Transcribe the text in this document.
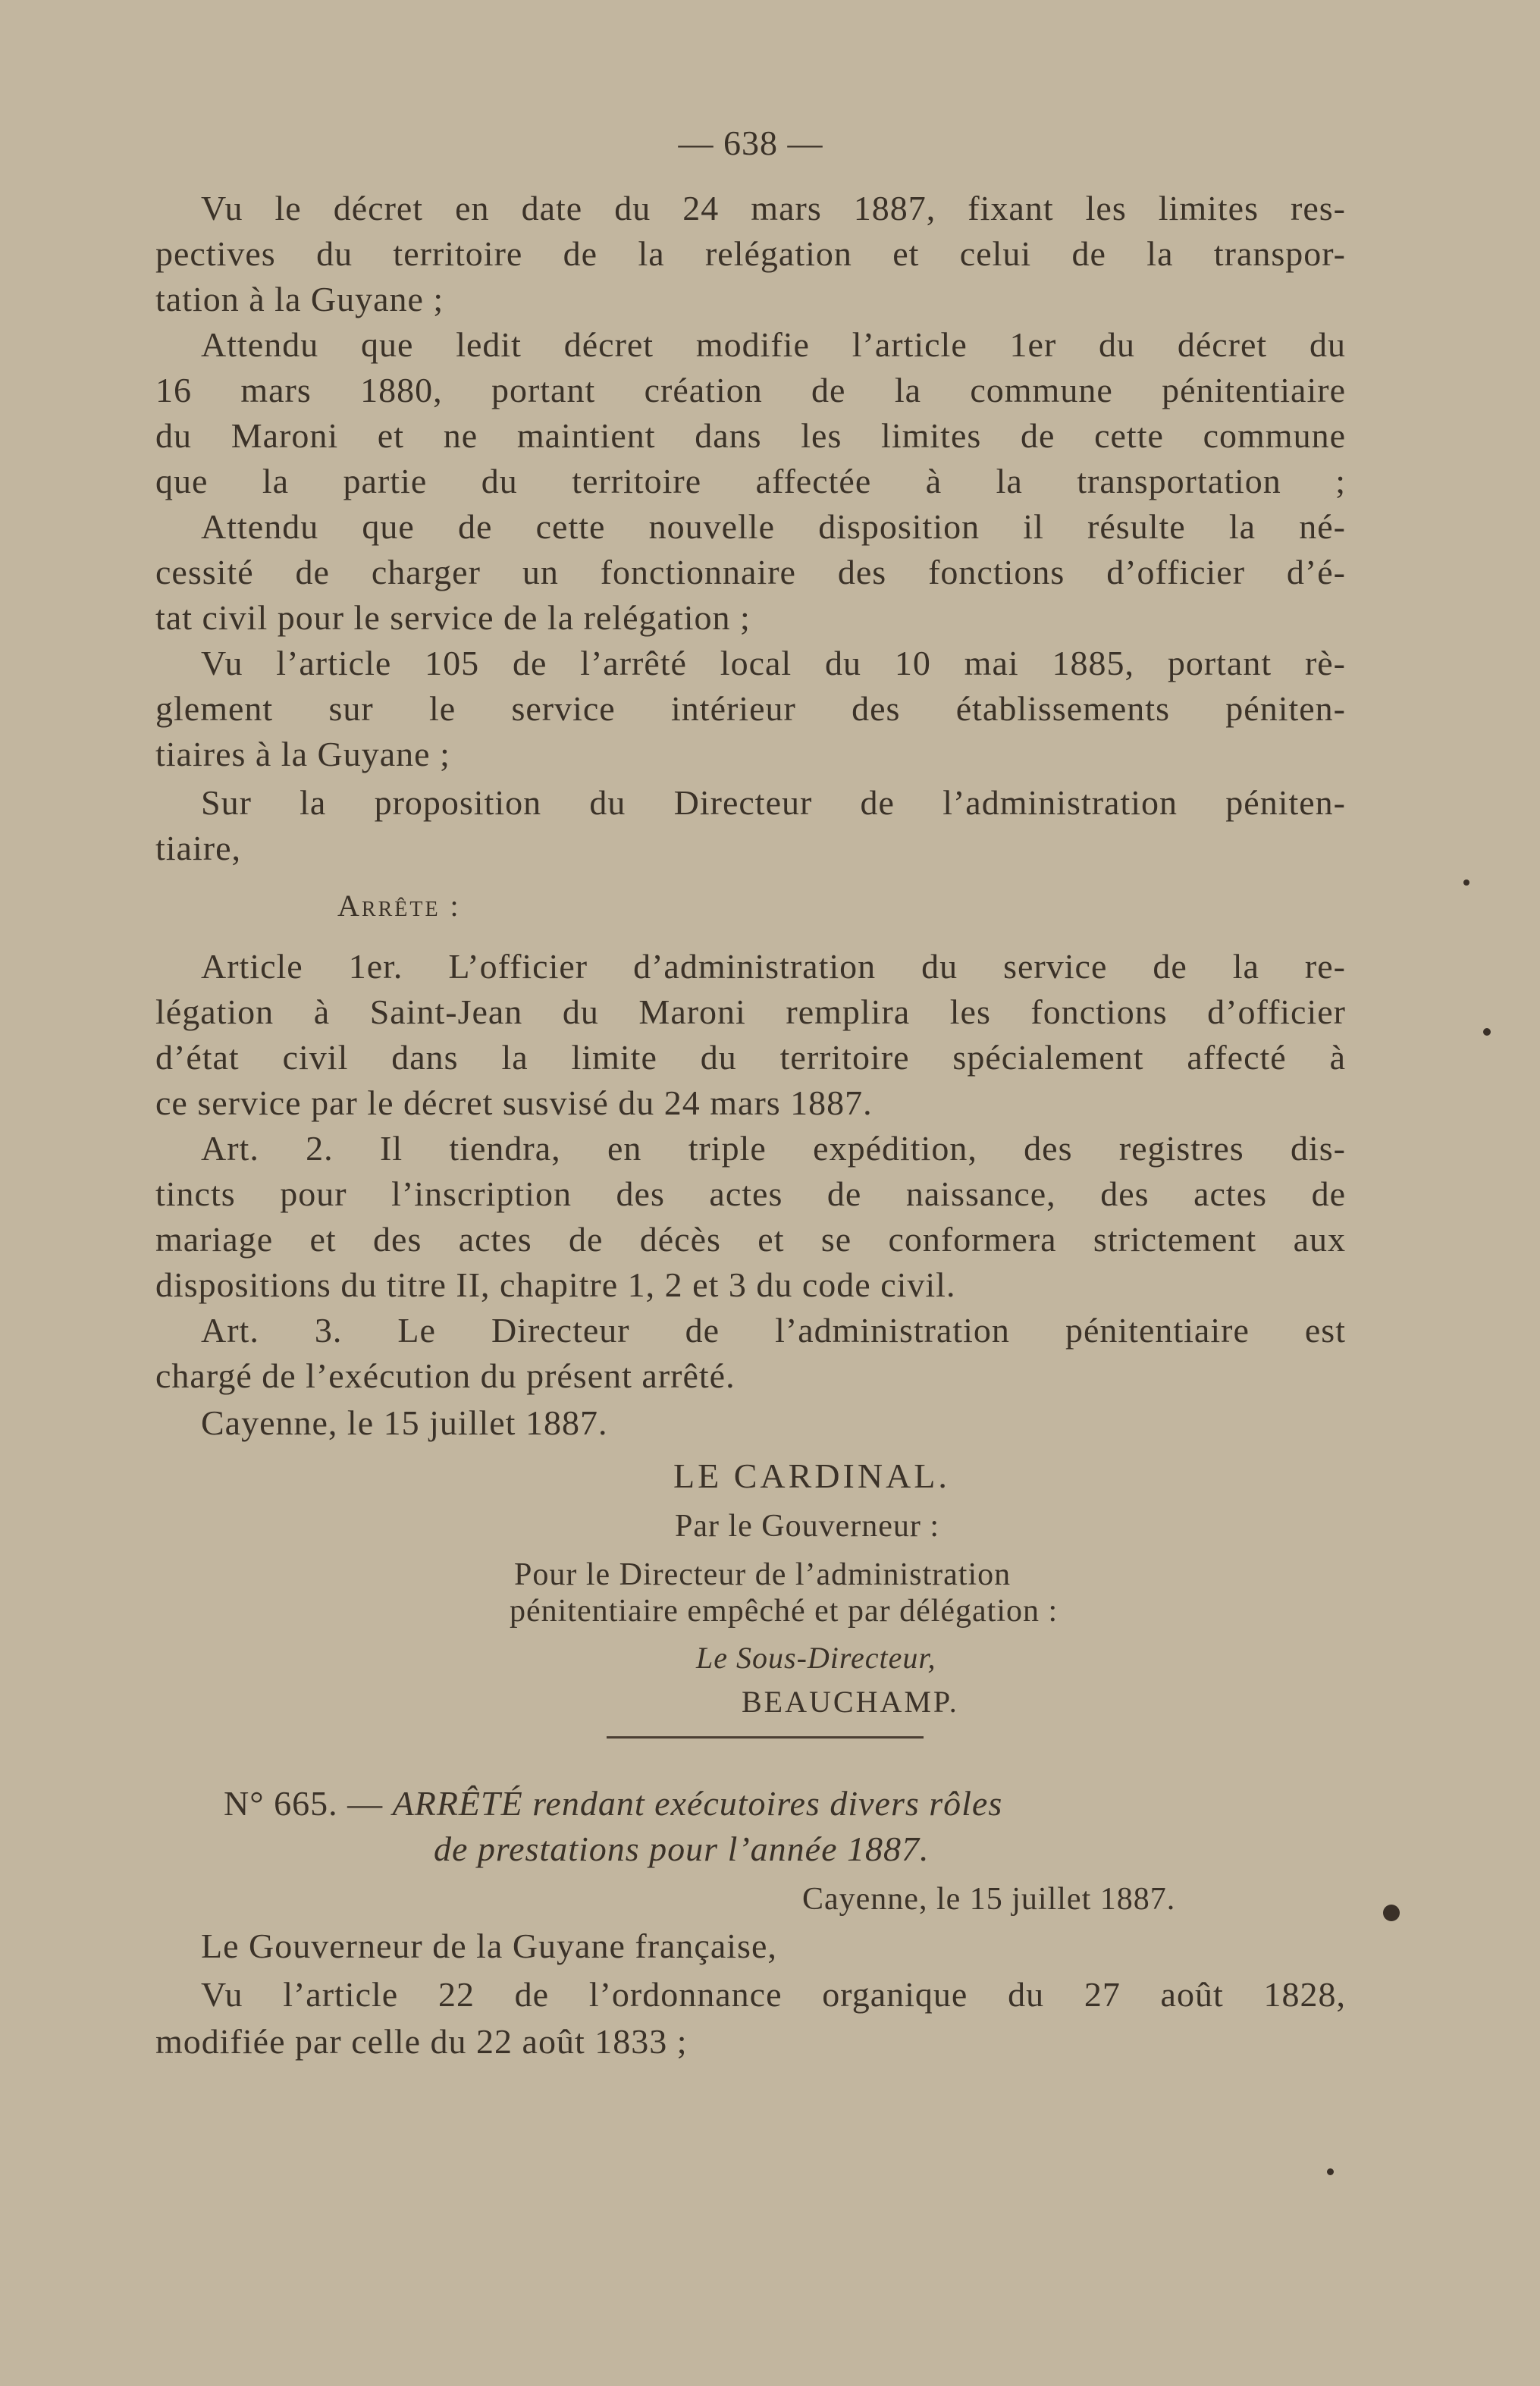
— 638 —
Vu le décret en date du 24 mars 1887, fixant les limites res-
pectives du territoire de la relégation et celui de la transpor-
tation à la Guyane ;
Attendu que ledit décret modifie l’article 1er du décret du
16 mars 1880, portant création de la commune pénitentiaire
du Maroni et ne maintient dans les limites de cette commune
que la partie du territoire affectée à la transportation ;
Attendu que de cette nouvelle disposition il résulte la né-
cessité de charger un fonctionnaire des fonctions d’officier d’é-
tat civil pour le service de la relégation ;
Vu l’article 105 de l’arrêté local du 10 mai 1885, portant rè-
glement sur le service intérieur des établissements péniten-
tiaires à la Guyane ;
Sur la proposition du Directeur de l’administration péniten-
tiaire,
Arrête :
Article 1er. L’officier d’administration du service de la re-
légation à Saint-Jean du Maroni remplira les fonctions d’officier
d’état civil dans la limite du territoire spécialement affecté à
ce service par le décret susvisé du 24 mars 1887.
Art. 2. Il tiendra, en triple expédition, des registres dis-
tincts pour l’inscription des actes de naissance, des actes de
mariage et des actes de décès et se conformera strictement aux
dispositions du titre II, chapitre 1, 2 et 3 du code civil.
Art. 3. Le Directeur de l’administration pénitentiaire est
chargé de l’exécution du présent arrêté.
Cayenne, le 15 juillet 1887.
LE CARDINAL.
Par le Gouverneur :
Pour le Directeur de l’administration
pénitentiaire empêché et par délégation :
Le Sous-Directeur,
BEAUCHAMP.
N° 665. — ARRÊTÉ rendant exécutoires divers rôles
de prestations pour l’année 1887.
Cayenne, le 15 juillet 1887.
Le Gouverneur de la Guyane française,
Vu l’article 22 de l’ordonnance organique du 27 août 1828,
modifiée par celle du 22 août 1833 ;
